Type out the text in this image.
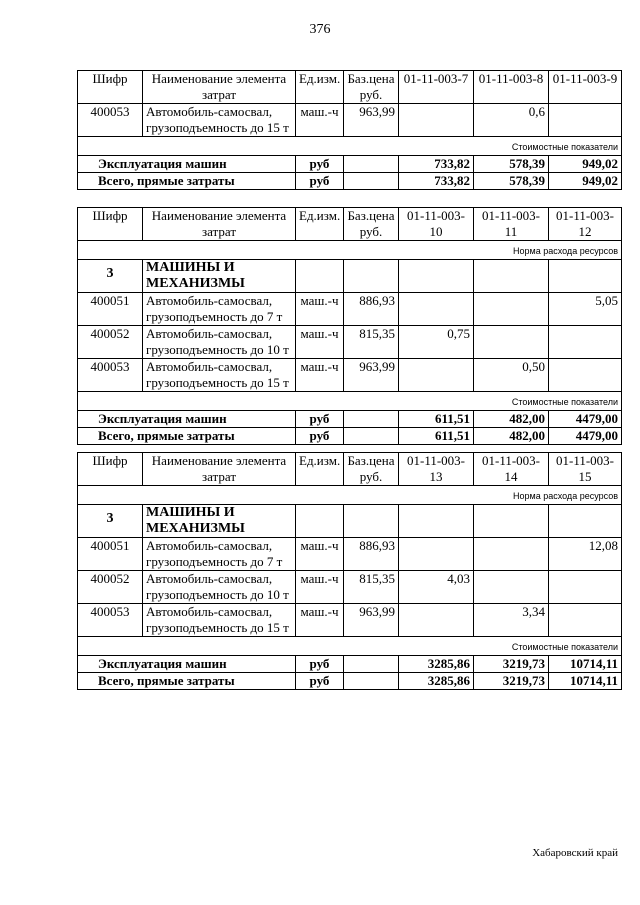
376
Шифр	Наименование элемента затрат	Ед.изм.	Баз.цена руб.	01-11-003-7	01-11-003-8	01-11-003-9
400053	Автомобиль-самосвал, грузоподъемность до 15 т	маш.-ч	963,99		0,6	
Стоимостные показатели						
Эксплуатация машин		руб		733,82	578,39	949,02
Всего, прямые затраты		руб		733,82	578,39	949,02
Шифр	Наименование элемента затрат	Ед.изм.	Баз.цена руб.	01-11-003-10	01-11-003-11	01-11-003-12
Норма расхода ресурсов						
3	МАШИНЫ И МЕХАНИЗМЫ					
400051	Автомобиль-самосвал, грузоподъемность до 7 т	маш.-ч	886,93			5,05
400052	Автомобиль-самосвал, грузоподъемность до 10 т	маш.-ч	815,35	0,75		
400053	Автомобиль-самосвал, грузоподъемность до 15 т	маш.-ч	963,99		0,50	
Стоимостные показатели						
Эксплуатация машин		руб		611,51	482,00	4479,00
Всего, прямые затраты		руб		611,51	482,00	4479,00
Шифр	Наименование элемента затрат	Ед.изм.	Баз.цена руб.	01-11-003-13	01-11-003-14	01-11-003-15
Норма расхода ресурсов						
3	МАШИНЫ И МЕХАНИЗМЫ					
400051	Автомобиль-самосвал, грузоподъемность до 7 т	маш.-ч	886,93			12,08
400052	Автомобиль-самосвал, грузоподъемность до 10 т	маш.-ч	815,35	4,03		
400053	Автомобиль-самосвал, грузоподъемность до 15 т	маш.-ч	963,99		3,34	
Стоимостные показатели						
Эксплуатация машин		руб		3285,86	3219,73	10714,11
Всего, прямые затраты		руб		3285,86	3219,73	10714,11
Хабаровский край
